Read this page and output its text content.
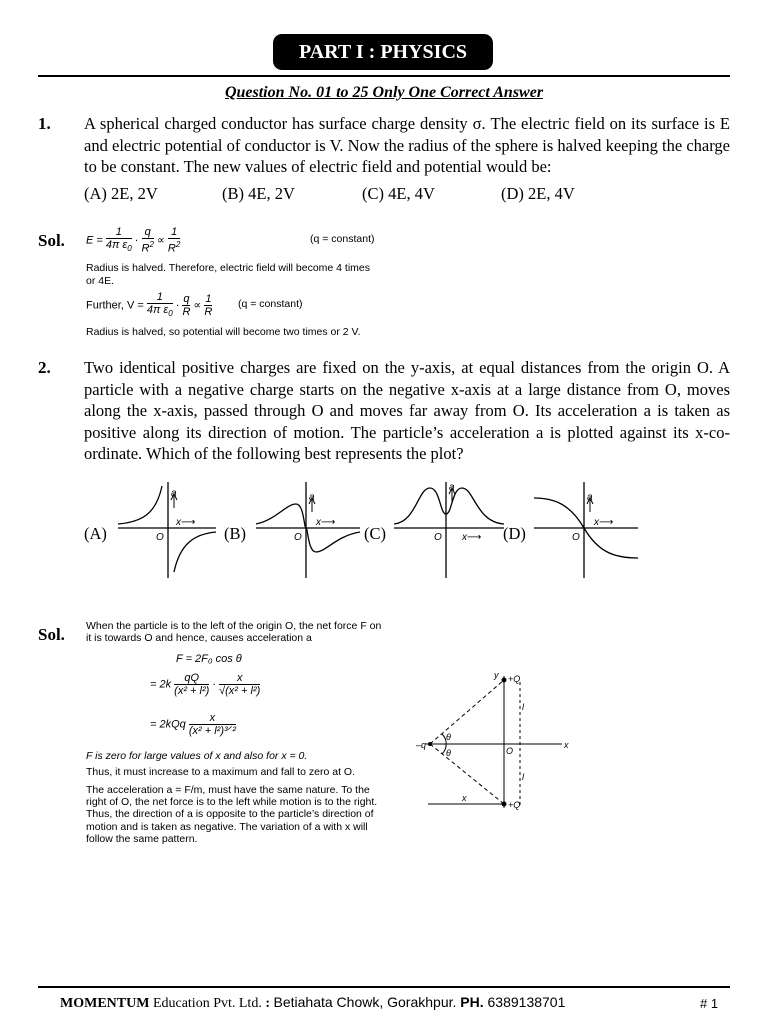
PART I : PHYSICS
Question No. 01 to 25 Only One Correct Answer
1. A spherical charged conductor has surface charge density σ. The electric field on its surface is E and electric potential of conductor is V. Now the radius of the sphere is halved keeping the charge to be constant. The new values of electric field and potential would be:
(A) 2E, 2V	(B) 4E, 2V	(C) 4E, 4V	(D) 2E, 4V
Sol. $E = \frac{1}{4\pi \varepsilon_0} \cdot \frac{q}{R^2} \propto \frac{1}{R^2}$	(q = constant)
Radius is halved. Therefore, electric field will become 4 times or 4E.
Further, $V = \frac{1}{4\pi \varepsilon_0} \cdot \frac{q}{R} \propto \frac{1}{R} (q$ = constant)
Radius is halved, so potential will become two times or 2 V.
2. Two identical positive charges are fixed on the y-axis, at equal distances from the origin O. A particle with a negative charge starts on the negative x-axis at a large distance from O, moves along the x-axis, passed through O and moves far away from O. Its acceleration a is taken as positive along its direction of motion. The particle’s acceleration a is plotted against its x-co-ordinate. Which of the following best represents the plot?
a
x⟶
O
a
x⟶
O
a
x⟶
O
a
x⟶
O
(A)	(B)	(C)	(D)
Sol. When the particle is to the left of the origin O, the net force F on it is towards O and hence, causes acceleration a
F = 2F₀ cos θ
= $2k \frac{qQ}{\text{(x² + l²)}} \cdot \frac{x}{\text{√(x² + l²)}}$
= $2kQq \frac{x}{\text{(x² + l²)³ᐟ²}}$
F is zero for large values of x and also for x = 0.
Thus, it must increase to a maximum and fall to zero at O.
The acceleration a = F/m, must have the same nature. To the right of O, the net force is to the left while motion is to the right. Thus, the direction of a is opposite to the particle’s direction of motion and is taken as negative. The variation of a with x will follow the same pattern.
y +Q
+Q
–q
θ
θ	O
l
l
x
x
MOMENTUM Education Pvt. Ltd. : Betiahata Chowk, Gorakhpur. PH. 6389138701	# 1
